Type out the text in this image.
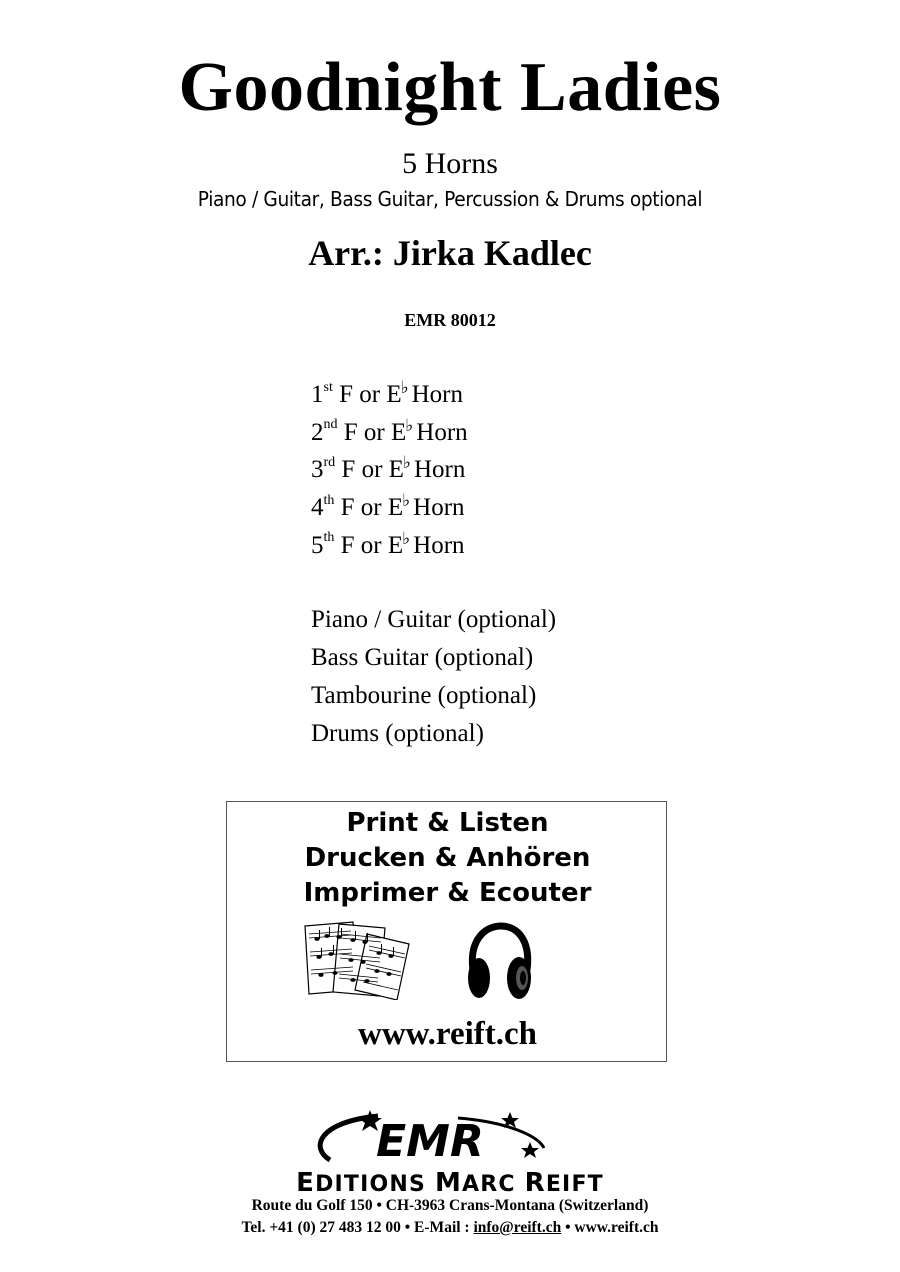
Goodnight Ladies
5 Horns
Piano / Guitar, Bass Guitar, Percussion & Drums optional
Arr.: Jirka Kadlec
EMR 80012
1st F or E♭ Horn
2nd F or E♭ Horn
3rd F or E♭ Horn
4th F or E♭ Horn
5th F or E♭ Horn
Piano / Guitar (optional)
Bass Guitar (optional)
Tambourine (optional)
Drums (optional)
Print & Listen
Drucken & Anhören
Imprimer & Ecouter
www.reift.ch
EMR
EDITIONS MARC REIFT
Route du Golf 150 • CH-3963 Crans-Montana (Switzerland)
Tel. +41 (0) 27 483 12 00 • E-Mail : info@reift.ch • www.reift.ch
